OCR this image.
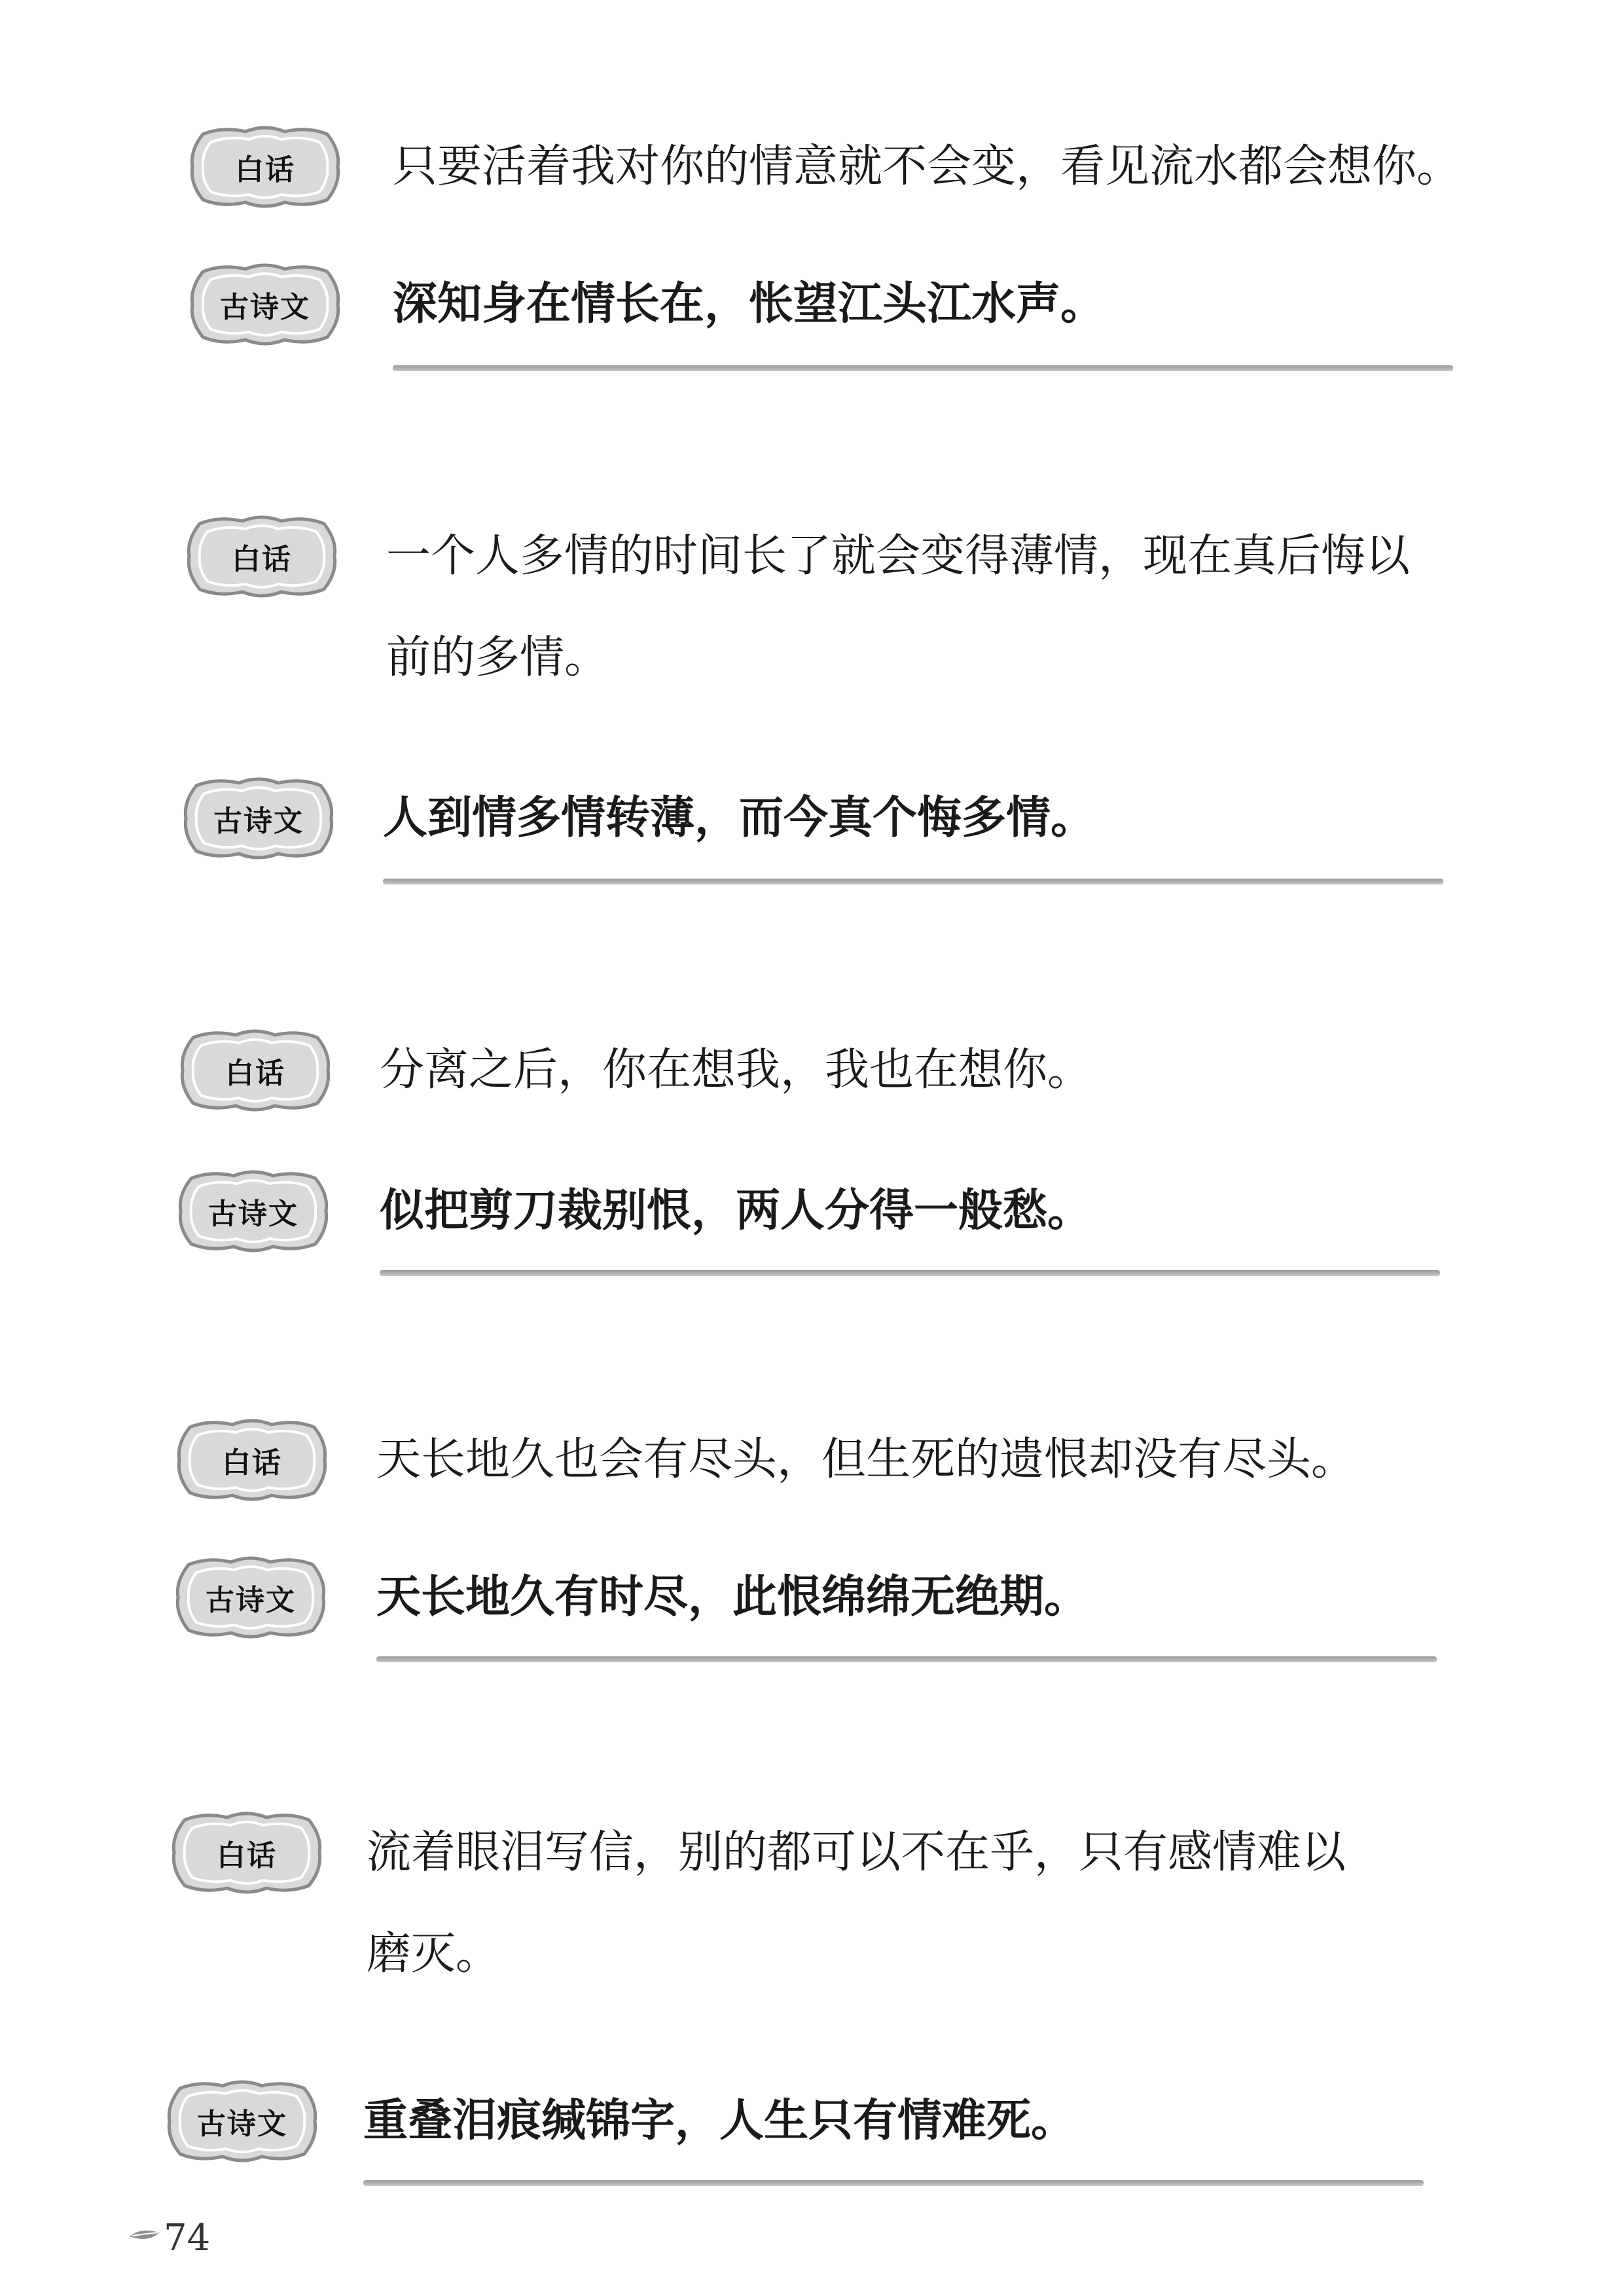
白话	只要活着我对你的情意就不会变，看见流水都会想你。
古诗文	深知身在情长在，怅望江头江水声。
白话	一个人多情的时间长了就会变得薄情，现在真后悔以
前的多情。
古诗文	人到情多情转薄，而今真个悔多情。
白话	分离之后，你在想我，我也在想你。
古诗文	似把剪刀裁别恨，两人分得一般愁。
白话	天长地久也会有尽头，但生死的遗恨却没有尽头。
古诗文	天长地久有时尽，此恨绵绵无绝期。
白话	流着眼泪写信，别的都可以不在乎，只有感情难以
磨灭。
古诗文	重叠泪痕缄锦字，人生只有情难死。
74
